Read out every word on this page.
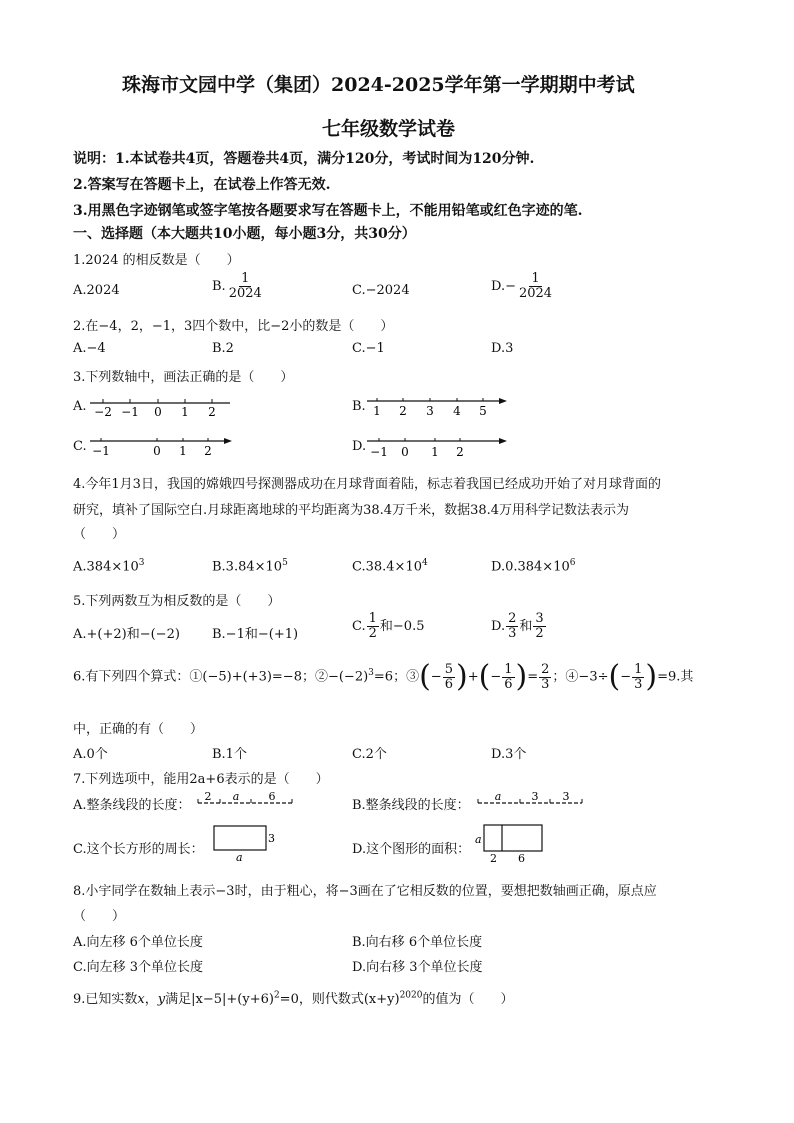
珠海市文园中学（集团）2024-2025学年第一学期期中考试
七年级数学试卷
说明：1.本试卷共4页，答题卷共4页，满分120分，考试时间为120分钟.
2.答案写在答题卡上，在试卷上作答无效.
3.用黑色字迹钢笔或签字笔按各题要求写在答题卡上，不能用铅笔或红色字迹的笔.
一、选择题（本大题共10小题，每小题3分，共30分）
1.2024 的相反数是（　　）
A.2024	B. $\frac{1}{2024}$	C.−2024	$D.- \frac{1}{2024}$
2.在−4，2，−1，3四个数中，比−2小的数是（　　）
A.−4	B.2	C.−1	D.3
3.下列数轴中，画法正确的是（　　）
A. −2 −1 0 1 2	B. 1 2 3 4 5
C. −1	0 1 2	D. −1 0 1 2
4.今年1月3日，我国的嫦娥四号探测器成功在月球背面着陆，标志着我国已经成功开始了对月球背面的
研究，填补了国际空白.月球距离地球的平均距离为38.4万千米，数据38.4万用科学记数法表示为
（　　）
$A.384\times 10^3$	$B.3.84\times 10^5$	$C.38.4\times 10^4$	$D.0.384\times 10^6$
5.下列两数互为相反数的是（　　）
A.+(+2)和−(−2) B.−1和−(+1)
C. $\frac{1}{2}$ 和−0.5	D. $\frac{2}{3}$ 和 $\frac{3}{2}$
6.有下列四个算式：①(−5)+(+3)=−8；$②-(-2)^3=6$；③(− $\frac{5}{6}$ )+(− $\frac{1}{6}$ )= $\frac{2}{3}$ ；④−3÷(− $\frac{1}{3} )=9$.其
中，正确的有（　　）
A.0个	B.1个	C.2个	D.3个
7.下列选项中，能用2a+6表示的是（　　）
A.整条线段的长度：
2 a	6
B.整条线段的长度：
a	3 3
C.这个长方形的周长：
3
a
D.这个图形的面积：
a
2 6
8.小宇同学在数轴上表示−3时，由于粗心，将−3画在了它相反数的位置，要想把数轴画正确，原点应
（　　）
A.向左移 6个单位长度	B.向右移 6个单位长度
C.向左移 3个单位长度	D.向右移 3个单位长度
9.已知实数x，y满足$|x-5|+(y+6)^2=0$，则代数式$(x+y)^{2020}$的值为（　　）
